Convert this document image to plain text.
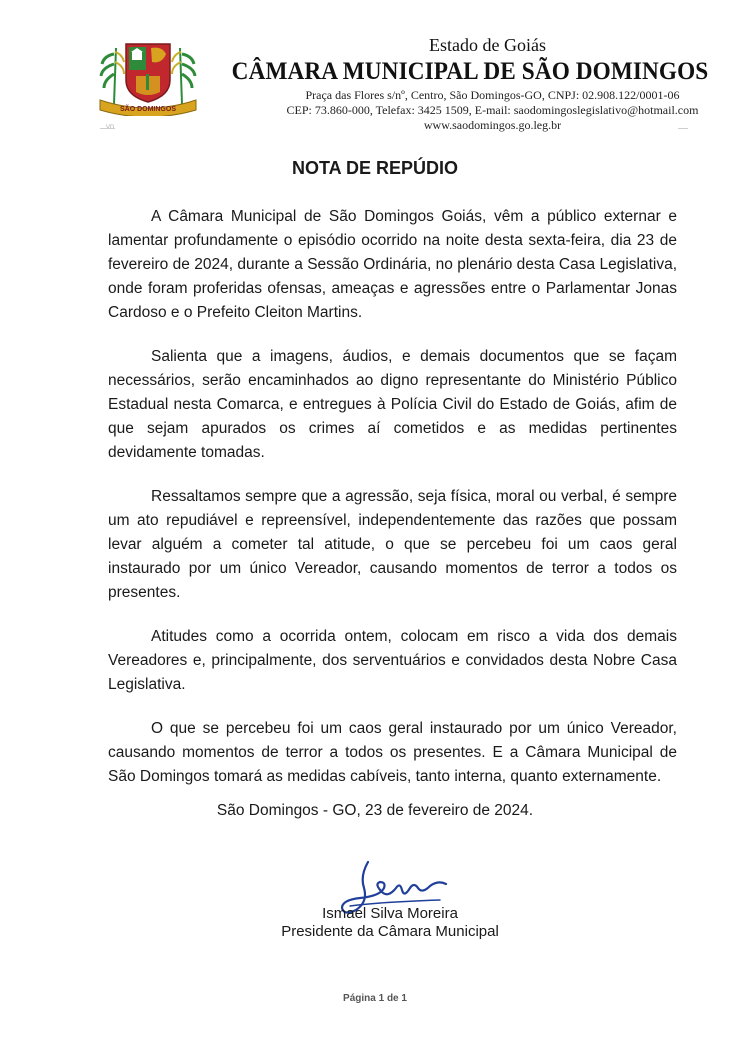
SÃO DOMINGOS
Estado de Goiás
CÂMARA MUNICIPAL DE SÃO DOMINGOS
Praça das Flores s/nº, Centro, São Domingos-GO, CNPJ: 02.908.122/0001-06
CEP: 73.860-000, Telefax: 3425 1509, E-mail: saodomingoslegislativo@hotmail.com
www.saodomingos.go.leg.br
NOTA DE REPÚDIO

A Câmara Municipal de São Domingos Goiás, vêm a público externar e lamentar profundamente o episódio ocorrido na noite desta sexta-feira, dia 23 de fevereiro de 2024, durante a Sessão Ordinária, no plenário desta Casa Legislativa, onde foram proferidas ofensas, ameaças e agressões entre o Parlamentar Jonas Cardoso e o Prefeito Cleiton Martins.

Salienta que a imagens, áudios, e demais documentos que se façam necessários, serão encaminhados ao digno representante do Ministério Público Estadual nesta Comarca, e entregues à Polícia Civil do Estado de Goiás, afim de que sejam apurados os crimes aí cometidos e as medidas pertinentes devidamente tomadas.

Ressaltamos sempre que a agressão, seja física, moral ou verbal, é sempre um ato repudiável e repreensível, independentemente das razões que possam levar alguém a cometer tal atitude, o que se percebeu foi um caos geral instaurado por um único Vereador, causando momentos de terror a todos os presentes.

Atitudes como a ocorrida ontem, colocam em risco a vida dos demais Vereadores e, principalmente, dos serventuários e convidados desta Nobre Casa Legislativa.

O que se percebeu foi um caos geral instaurado por um único Vereador, causando momentos de terror a todos os presentes. E a Câmara Municipal de São Domingos tomará as medidas cabíveis, tanto interna, quanto externamente.

São Domingos - GO, 23 de fevereiro de 2024.
Ismael Silva Moreira
Presidente da Câmara Municipal
Página 1 de 1
